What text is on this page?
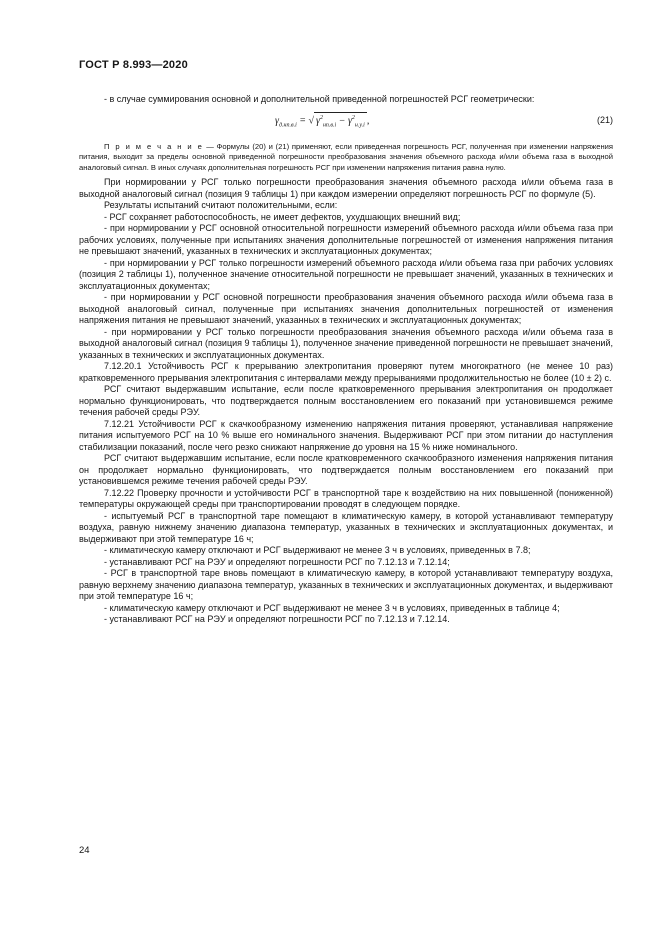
ГОСТ Р 8.993—2020

- в случае суммирования основной и дополнительной приведенной погрешностей РСГ геометрически:

$\gamma_{д.нп.в.i}$ = √ $\gamma^2_{нп.в.i} - \gamma^2_{н.у.i}$ ,	(21)

П р и м е ч а н и е — Формулы (20) и (21) применяют, если приведенная погрешность РСГ, полученная при изменении напряжения питания, выходит за пределы основной приведенной погрешности преобразования значения объемного расхода и/или объема газа в выходной аналоговый сигнал. В иных случаях дополнительная погрешность РСГ при изменении напряжения питания равна нулю.

При нормировании у РСГ только погрешности преобразования значения объемного расхода и/или объема газа в выходной аналоговый сигнал (позиция 9 таблицы 1) при каждом измерении определяют погрешность РСГ по формуле (5).

Результаты испытаний считают положительными, если:

- РСГ сохраняет работоспособность, не имеет дефектов, ухудшающих внешний вид;

- при нормировании у РСГ основной относительной погрешности измерений объемного расхода и/или объема газа при рабочих условиях, полученные при испытаниях значения дополнительные погрешностей от изменения напряжения питания не превышают значений, указанных в технических и эксплуатационных документах;

- при нормировании у РСГ только погрешности измерений объемного расхода и/или объема газа при рабочих условиях (позиция 2 таблицы 1), полученное значение относительной погрешности не превышает значений, указанных в технических и эксплуатационных документах;

- при нормировании у РСГ основной погрешности преобразования значения объемного расхода и/или объема газа в выходной аналоговый сигнал, полученные при испытаниях значения дополнительных погрешностей от изменения напряжения питания не превышают значений, указанных в технических и эксплуатационных документах;

- при нормировании у РСГ только погрешности преобразования значения объемного расхода и/или объема газа в выходной аналоговый сигнал (позиция 9 таблицы 1), полученное значение приведенной погрешности не превышает значений, указанных в технических и эксплуатационных документах.

7.12.20.1 Устойчивость РСГ к прерыванию электропитания проверяют путем многократного (не менее 10 раз) кратковременного прерывания электропитания с интервалами между прерываниями продолжительностью не более (10 ± 2) с.

РСГ считают выдержавшим испытание, если после кратковременного прерывания электропитания он продолжает нормально функционировать, что подтверждается полным восстановлением его показаний при установившемся режиме течения рабочей среды РЭУ.

7.12.21 Устойчивости РСГ к скачкообразному изменению напряжения питания проверяют, устанавливая напряжение питания испытуемого РСГ на 10 % выше его номинального значения. Выдерживают РСГ при этом питании до наступления стабилизации показаний, после чего резко снижают напряжение до уровня на 15 % ниже номинального.

РСГ считают выдержавшим испытание, если после кратковременного скачкообразного изменения напряжения питания он продолжает нормально функционировать, что подтверждается полным восстановлением его показаний при установившемся режиме течения рабочей среды РЭУ.

7.12.22 Проверку прочности и устойчивости РСГ в транспортной таре к воздействию на них повышенной (пониженной) температуры окружающей среды при транспортировании проводят в следующем порядке.

- испытуемый РСГ в транспортной таре помещают в климатическую камеру, в которой устанавливают температуру воздуха, равную нижнему значению диапазона температур, указанных в технических и эксплуатационных документах, и выдерживают при этой температуре 16 ч;

- климатическую камеру отключают и РСГ выдерживают не менее 3 ч в условиях, приведенных в 7.8;

- устанавливают РСГ на РЭУ и определяют погрешности РСГ по 7.12.13 и 7.12.14;

- РСГ в транспортной таре вновь помещают в климатическую камеру, в которой устанавливают температуру воздуха, равную верхнему значению диапазона температур, указанных в технических и эксплуатационных документах, и выдерживают при этой температуре 16 ч;

- климатическую камеру отключают и РСГ выдерживают не менее 3 ч в условиях, приведенных в таблице 4;

- устанавливают РСГ на РЭУ и определяют погрешности РСГ по 7.12.13 и 7.12.14.

24
